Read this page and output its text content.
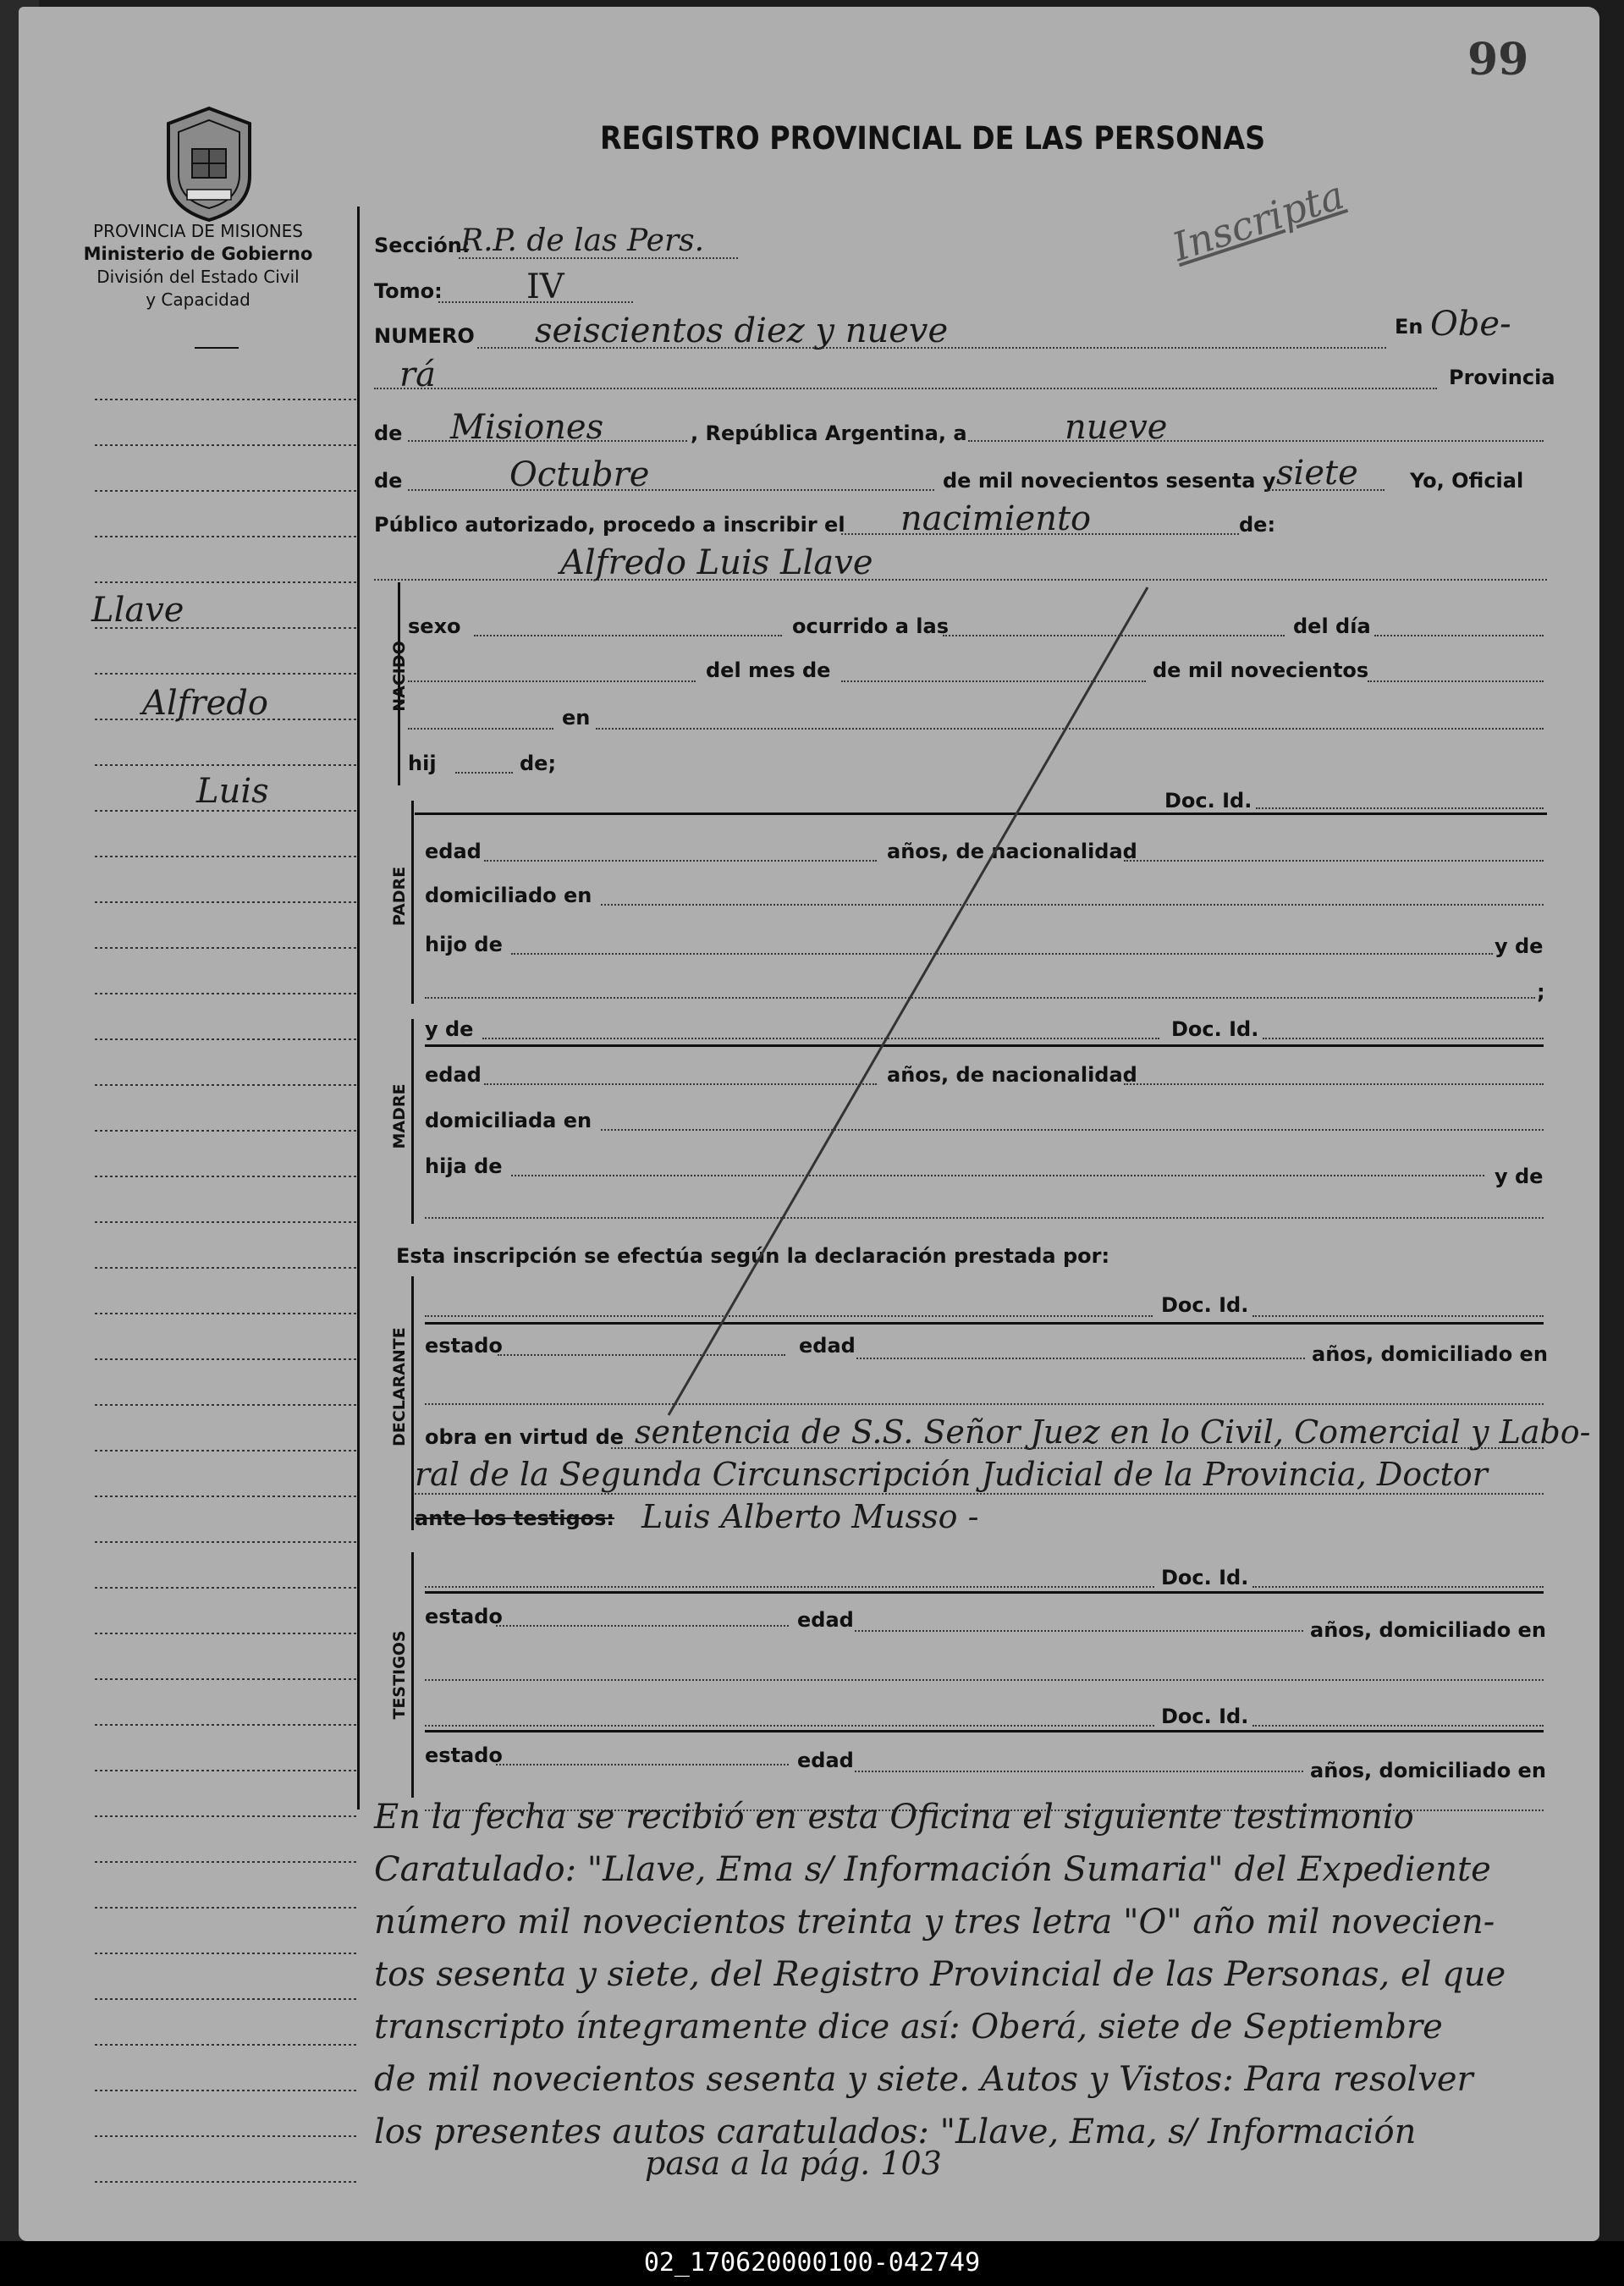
99
PROVINCIA DE MISIONES
Ministerio de Gobierno
División del Estado Civil
y Capacidad
REGISTRO PROVINCIAL DE LAS PERSONAS
Inscripta
Llave
Alfredo
Luis
Sección:
R.P. de las Pers.
Tomo: IV
NUMERO seiscientos diez y nueve	En Obe-
rá	Provincia
de Misiones	, República Argentina, a	nueve
de	Octubre	de mil novecientos sesenta y siete	Yo, Oficial
Público autorizado, procedo a inscribir el nacimiento	de:
Alfredo Luis Llave
NACIDO
sexo	ocurrido a las	del día
del mes de	de mil novecientos
en
hij	de;
PADRE
Doc. Id.
edad	años, de nacionalidad
domiciliado en
hijo de	y de
;
MADRE
y de	Doc. Id.
edad	años, de nacionalidad
domiciliada en
hija de	y de
Esta inscripción se efectúa según la declaración prestada por:
DECLARANTE
Doc. Id.
estado	edad	años, domiciliado en
obra en virtud de sentencia de S.S. Señor Juez en lo Civil, Comercial y Labo-
ral de la Segunda Circunscripción Judicial de la Provincia, Doctor
ante los testigos: Luis Alberto Musso -
TESTIGOS
Doc. Id.
estado	edad	años, domiciliado en
Doc. Id.
estado	edad	años, domiciliado en
En la fecha se recibió en esta Oficina el siguiente testimonio
Caratulado: "Llave, Ema s/ Información Sumaria" del Expediente
número mil novecientos treinta y tres letra "O" año mil novecien-
tos sesenta y siete, del Registro Provincial de las Personas, el que
transcripto íntegramente dice así: Oberá, siete de Septiembre
de mil novecientos sesenta y siete. Autos y Vistos: Para resolver
los presentes autos caratulados: "Llave, Ema, s/ Información
pasa a la pág. 103
02_170620000100-042749
